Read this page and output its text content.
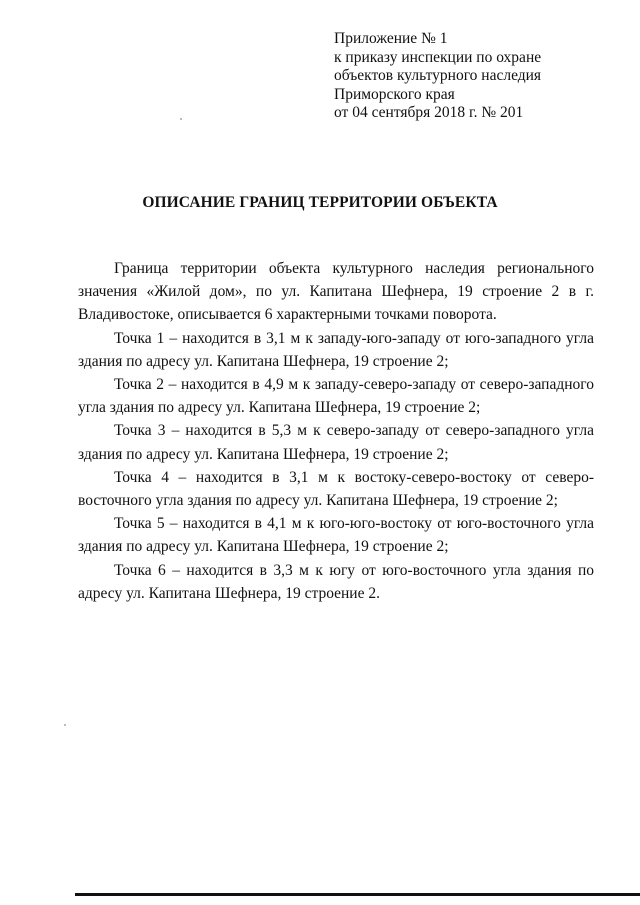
Приложение № 1
к приказу инспекции по охране
объектов культурного наследия
Приморского края
от 04 сентября 2018 г. № 201
ОПИСАНИЕ ГРАНИЦ ТЕРРИТОРИИ ОБЪЕКТА

Граница территории объекта культурного наследия регионального значения «Жилой дом», по ул. Капитана Шефнера, 19 строение 2 в г. Владивостоке, описывается 6 характерными точками поворота.

Точка 1 – находится в 3,1 м к западу-юго-западу от юго-западного угла здания по адресу ул. Капитана Шефнера, 19 строение 2;

Точка 2 – находится в 4,9 м к западу-северо-западу от северо-западного угла здания по адресу ул. Капитана Шефнера, 19 строение 2;

Точка 3 – находится в 5,3 м к северо-западу от северо-западного угла здания по адресу ул. Капитана Шефнера, 19 строение 2;

Точка 4 – находится в 3,1 м к востоку-северо-востоку от северо-восточного угла здания по адресу ул. Капитана Шефнера, 19 строение 2;

Точка 5 – находится в 4,1 м к юго-юго-востоку от юго-восточного угла здания по адресу ул. Капитана Шефнера, 19 строение 2;

Точка 6 – находится в 3,3 м к югу от юго-восточного угла здания по адресу ул. Капитана Шефнера, 19 строение 2.
